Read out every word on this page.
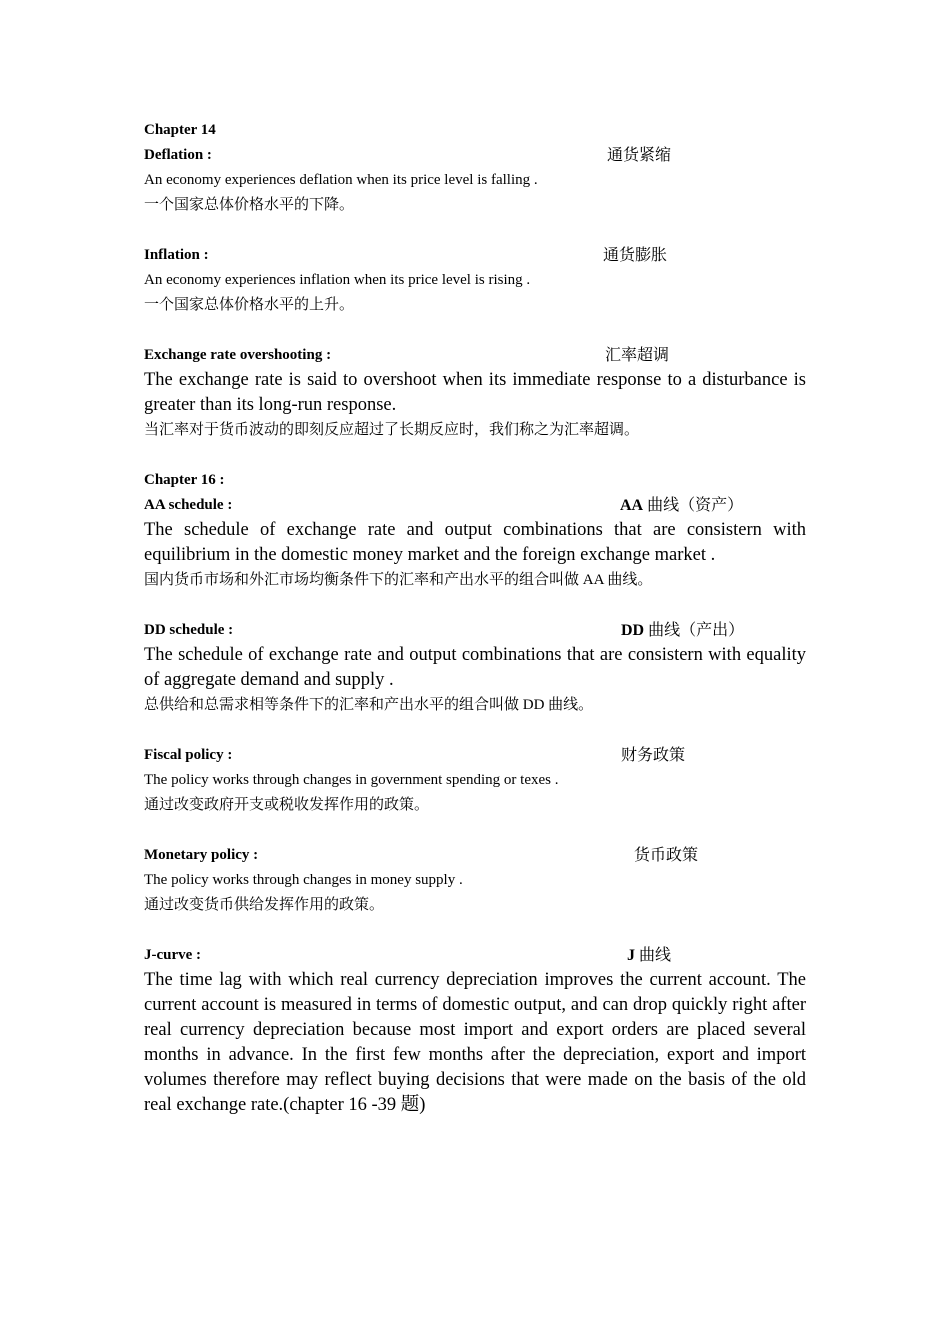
Chapter 14
Deflation :	通货紧缩
An economy experiences deflation when its price level is falling .
一个国家总体价格水平的下降。
Inflation :	通货膨胀
An economy experiences inflation when its price level is rising .
一个国家总体价格水平的上升。
Exchange rate overshooting :	汇率超调
The exchange rate is said to overshoot when its immediate response to a disturbance is greater than its long-run response.
当汇率对于货币波动的即刻反应超过了长期反应时，我们称之为汇率超调。
Chapter 16 :
AA schedule :	AA 曲线（资产）
The schedule of exchange rate and output combinations that are consistern with equilibrium in the domestic money market and the foreign exchange market .
国内货币市场和外汇市场均衡条件下的汇率和产出水平的组合叫做 AA 曲线。
DD schedule :	DD 曲线（产出）
The schedule of exchange rate and output combinations that are consistern with equality of aggregate demand and supply .
总供给和总需求相等条件下的汇率和产出水平的组合叫做 DD 曲线。
Fiscal policy :	财务政策
The policy works through changes in government spending or texes .
通过改变政府开支或税收发挥作用的政策。
Monetary policy :	货币政策
The policy works through changes in money supply .
通过改变货币供给发挥作用的政策。
J-curve :	J 曲线
The time lag with which real currency depreciation improves the current account. The current account is measured in terms of domestic output, and can drop quickly right after real currency depreciation because most import and export orders are placed several months in advance. In the first few months after the depreciation, export and import volumes therefore may reflect buying decisions that were made on the basis of the old real exchange rate.(chapter 16 -39 题)
